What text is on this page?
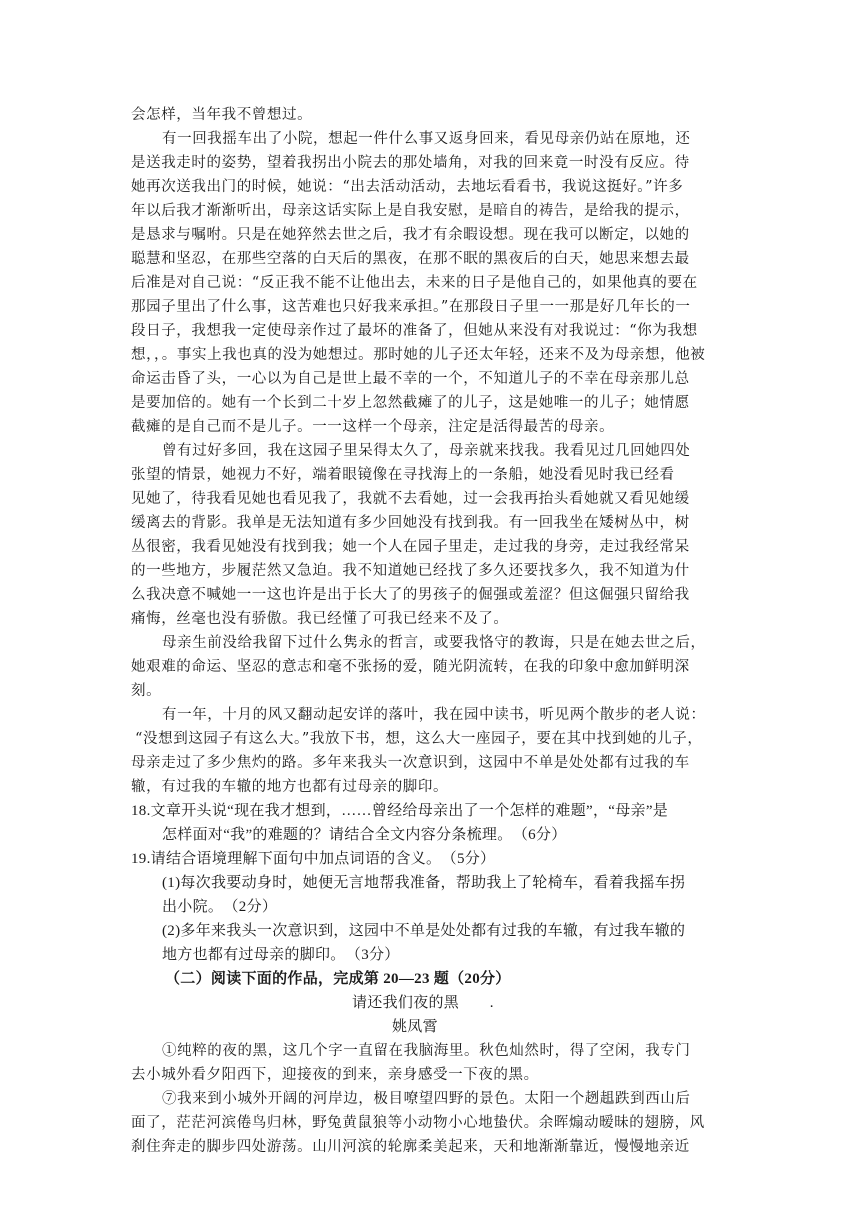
会怎样，当年我不曾想过。
有一回我摇车出了小院，想起一件什么事又返身回来，看见母亲仍站在原地，还
是送我走时的姿势，望着我拐出小院去的那处墙角，对我的回来竟一时没有反应。待
她再次送我出门的时候，她说：“出去活动活动，去地坛看看书，我说这挺好。”许多
年以后我才渐渐听出，母亲这话实际上是自我安慰，是暗自的祷告，是给我的提示，
是恳求与嘱咐。只是在她猝然去世之后，我才有余暇设想。现在我可以断定，以她的
聪慧和坚忍，在那些空落的白天后的黑夜，在那不眠的黑夜后的白天，她思来想去最
后准是对自己说：“反正我不能不让他出去，未来的日子是他自己的，如果他真的要在
那园子里出了什么事，这苦难也只好我来承担。”在那段日子里一一那是好几年长的一
段日子，我想我一定使母亲作过了最坏的准备了，但她从来没有对我说过：“你为我想
想，，。事实上我也真的没为她想过。那时她的儿子还太年轻，还来不及为母亲想，他被
命运击昏了头，一心以为自己是世上最不幸的一个，不知道儿子的不幸在母亲那儿总
是要加倍的。她有一个长到二十岁上忽然截瘫了的儿子，这是她唯一的儿子；她情愿
截瘫的是自己而不是儿子。一一这样一个母亲，注定是活得最苦的母亲。
曾有过好多回，我在这园子里呆得太久了，母亲就来找我。我看见过几回她四处
张望的情景，她视力不好，端着眼镜像在寻找海上的一条船，她没看见时我已经看
见她了，待我看见她也看见我了，我就不去看她，过一会我再抬头看她就又看见她缓
缓离去的背影。我单是无法知道有多少回她没有找到我。有一回我坐在矮树丛中，树
丛很密，我看见她没有找到我；她一个人在园子里走，走过我的身旁，走过我经常呆
的一些地方，步履茫然又急迫。我不知道她已经找了多久还要找多久，我不知道为什
么我决意不喊她一一这也许是出于长大了的男孩子的倔强或羞涩？但这倔强只留给我
痛悔，丝毫也没有骄傲。我已经懂了可我已经来不及了。
母亲生前没给我留下过什么隽永的哲言，或要我恪守的教诲，只是在她去世之后，
她艰难的命运、坚忍的意志和毫不张扬的爱，随光阴流转，在我的印象中愈加鲜明深
刻。
有一年，十月的风又翻动起安详的落叶，我在园中读书，听见两个散步的老人说：
“没想到这园子有这么大。”我放下书，想，这么大一座园子，要在其中找到她的儿子，
母亲走过了多少焦灼的路。多年来我头一次意识到，这园中不单是处处都有过我的车
辙，有过我的车辙的地方也都有过母亲的脚印。
18.文章开头说“现在我才想到，……曾经给母亲出了一个怎样的难题”，“母亲”是
怎样面对“我”的难题的？请结合全文内容分条梳理。　（6分）
19.请结合语境理解下面句中加点词语的含义。　（5分）
(1)每次我要动身时，她便无言地帮我准备，帮助我上了轮椅车，看着我摇车拐
出小院。　（2分）
(2)多年来我头一次意识到，这园中不单是处处都有过我的车辙，有过我车辙的
地方也都有过母亲的脚印。　（3分）
（二）阅读下面的作品，完成第 20—23 题（20分）
请还我们夜的黑　　.
姚凤霄
①纯粹的夜的黑，这几个字一直留在我脑海里。秋色灿然时，得了空闲，我专门
去小城外看夕阳西下，迎接夜的到来，亲身感受一下夜的黑。
⑦我来到小城外开阔的河岸边，极目嘹望四野的景色。太阳一个趔趄跌到西山后
面了，茫茫河滨倦鸟归林，野兔黄鼠狼等小动物小心地蛰伏。余晖煽动暧昧的翅膀，风
刹住奔走的脚步四处游荡。山川河滨的轮廓柔美起来，天和地渐渐靠近，慢慢地亲近
